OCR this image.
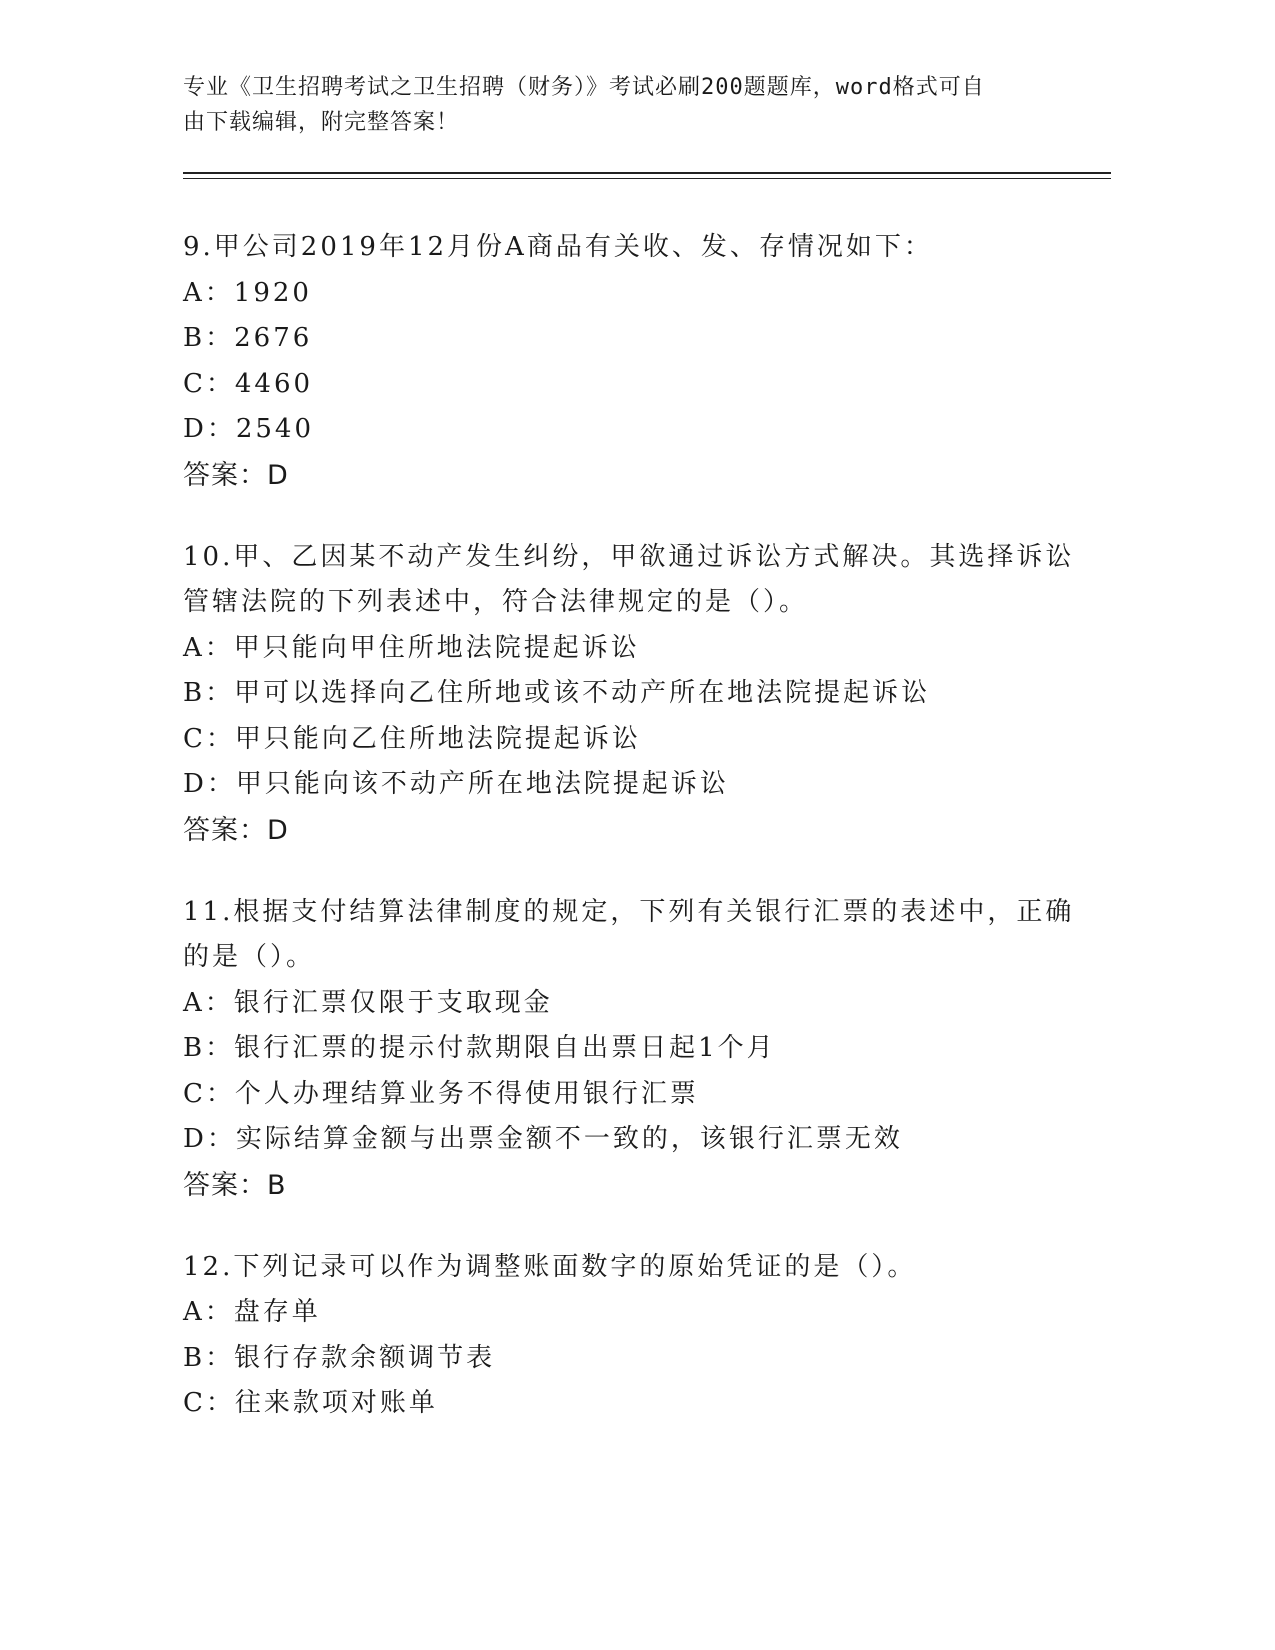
专业《卫生招聘考试之卫生招聘（财务）》考试必刷200题题库，word格式可自
由下载编辑，附完整答案！

9.甲公司2019年12月份A商品有关收、发、存情况如下：

A：1920

B：2676

C：4460

D：2540

答案：D

10.甲、乙因某不动产发生纠纷，甲欲通过诉讼方式解决。其选择诉讼

管辖法院的下列表述中，符合法律规定的是（）。

A：甲只能向甲住所地法院提起诉讼

B：甲可以选择向乙住所地或该不动产所在地法院提起诉讼

C：甲只能向乙住所地法院提起诉讼

D：甲只能向该不动产所在地法院提起诉讼

答案：D

11.根据支付结算法律制度的规定，下列有关银行汇票的表述中，正确

的是（）。

A：银行汇票仅限于支取现金

B：银行汇票的提示付款期限自出票日起1个月

C：个人办理结算业务不得使用银行汇票

D：实际结算金额与出票金额不一致的，该银行汇票无效

答案：B

12.下列记录可以作为调整账面数字的原始凭证的是（）。

A：盘存单

B：银行存款余额调节表

C：往来款项对账单
